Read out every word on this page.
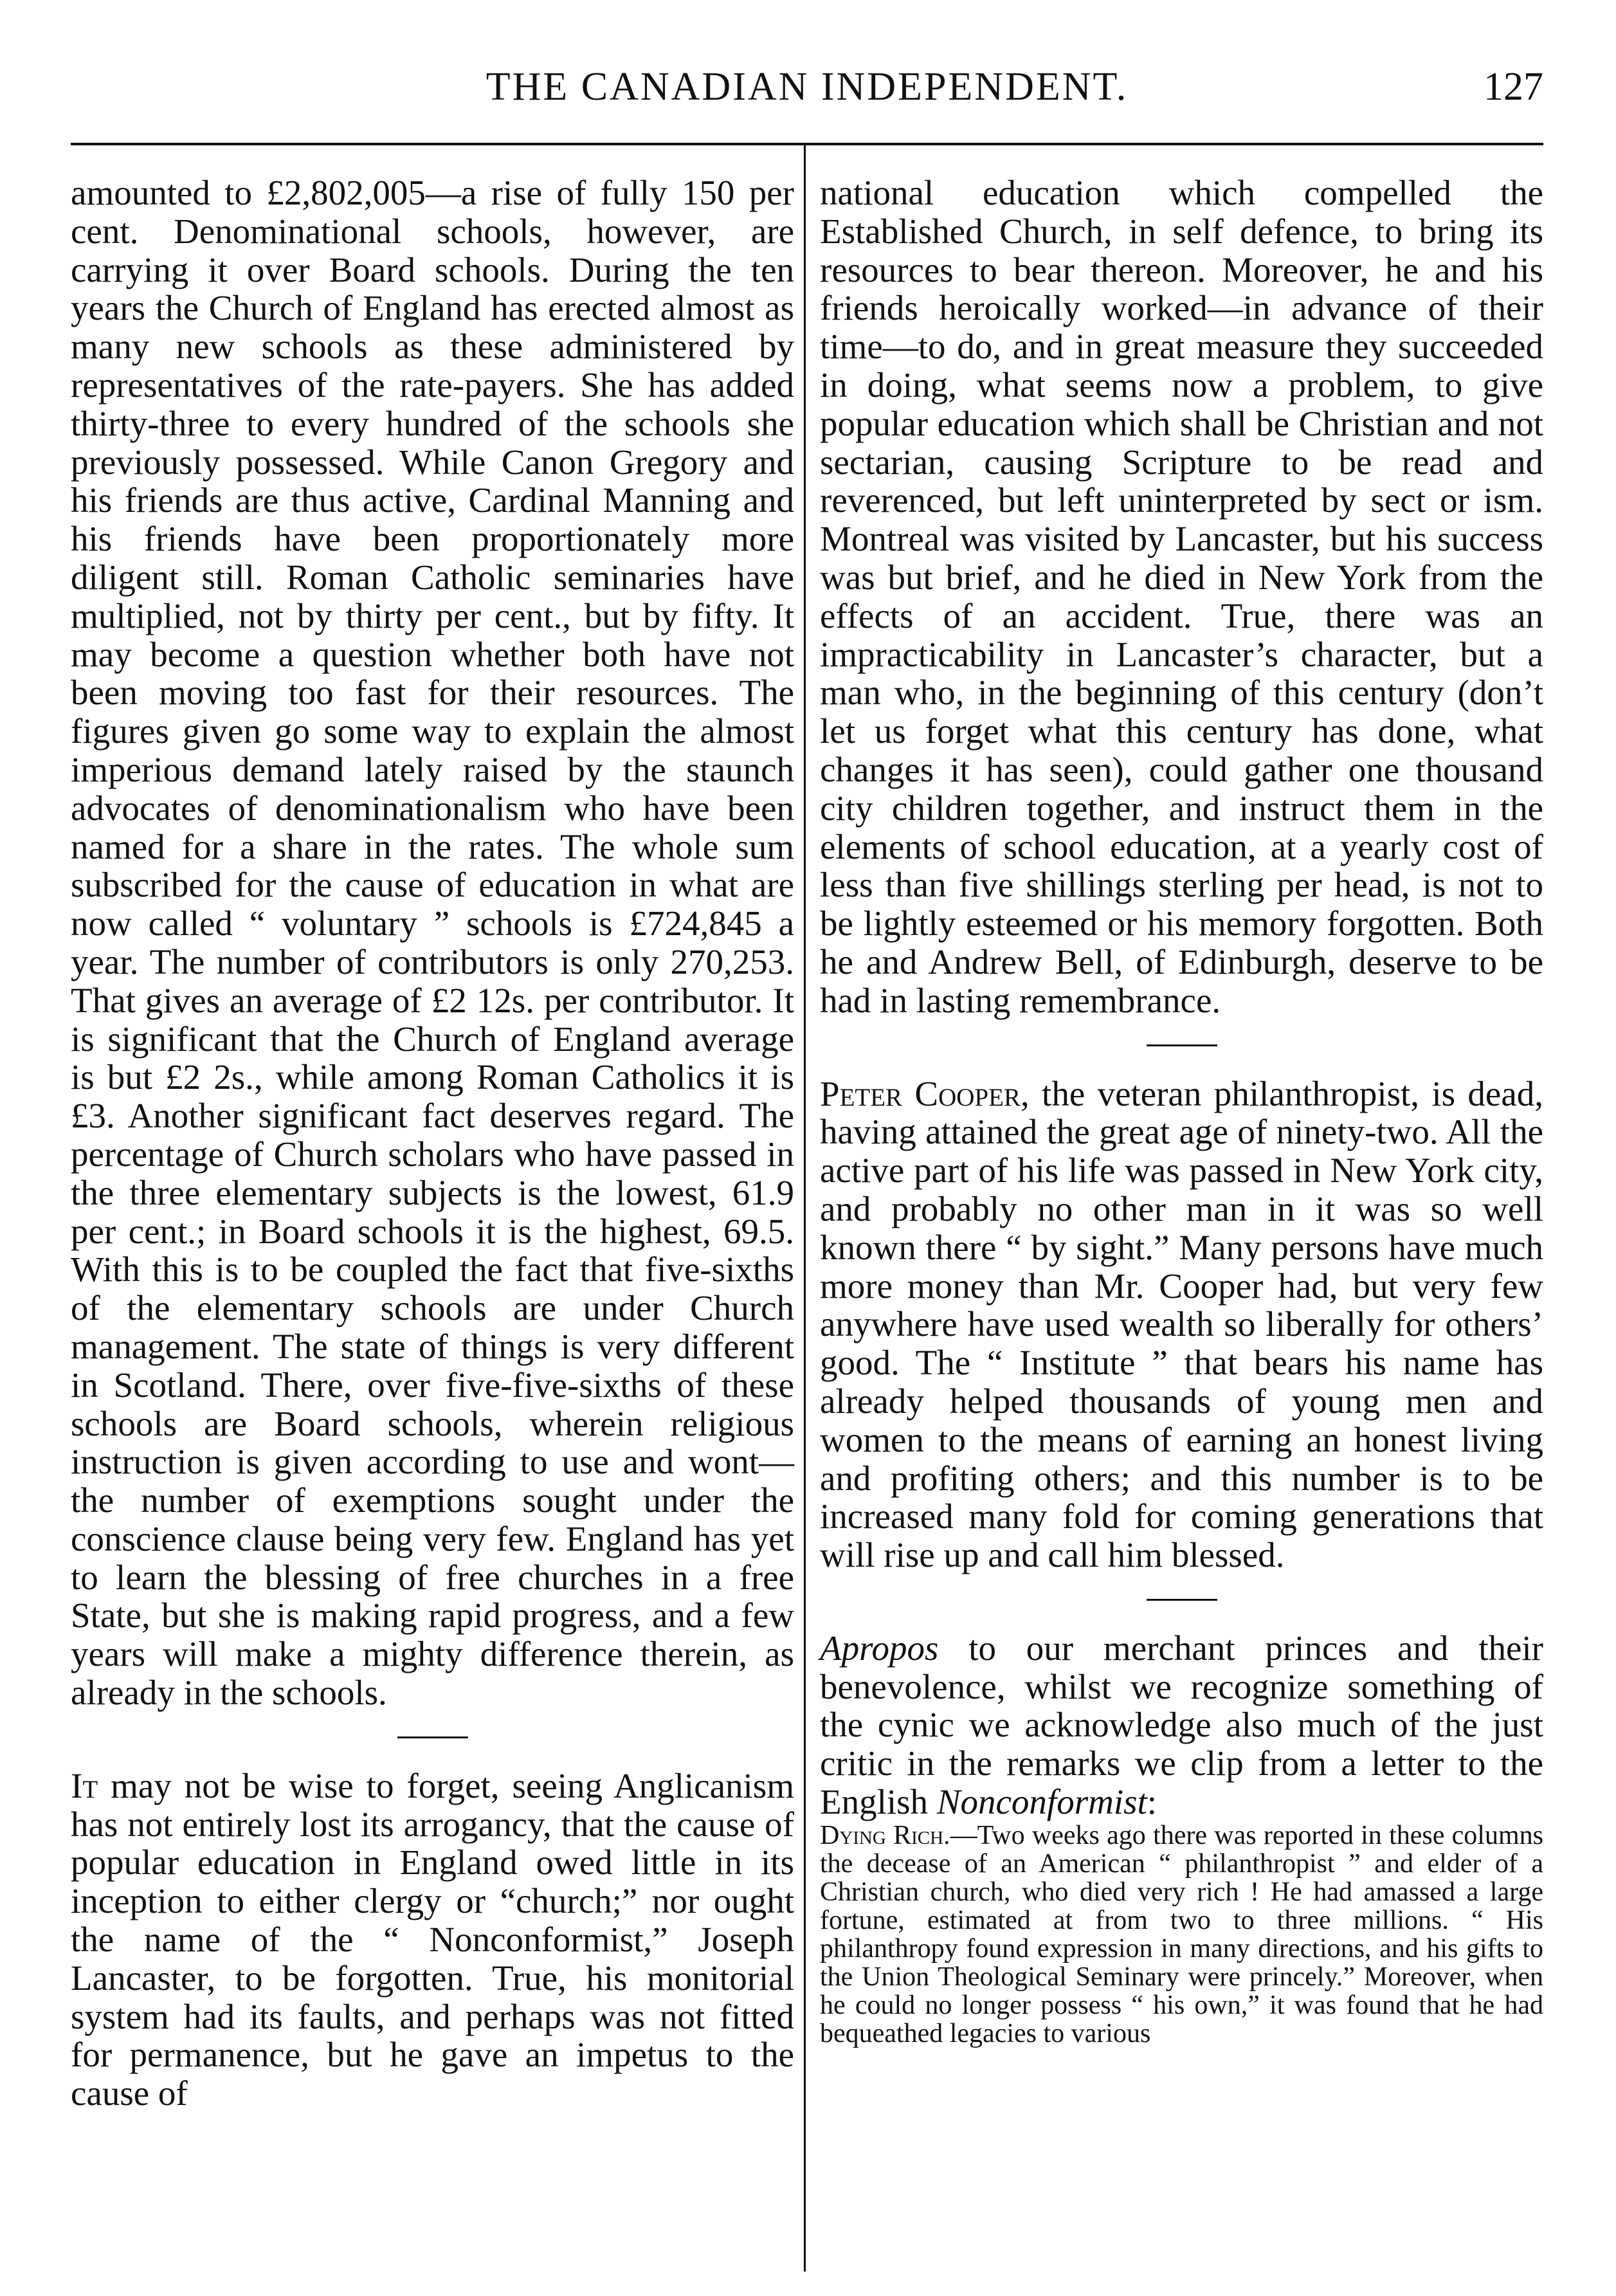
THE CANADIAN INDEPENDENT.	127

amounted to £2,802,005—a rise of fully 150 per cent. Denominational schools, however, are carrying it over Board schools. During the ten years the Church of England has erected almost as many new schools as these administered by representatives of the rate-payers. She has added thirty-three to every hundred of the schools she previously possessed. While Canon Gregory and his friends are thus active, Cardinal Manning and his friends have been proportionately more diligent still. Roman Catholic seminaries have multiplied, not by thirty per cent., but by fifty. It may become a question whether both have not been moving too fast for their resources. The figures given go some way to explain the almost imperious demand lately raised by the staunch advocates of denominationalism who have been named for a share in the rates. The whole sum subscribed for the cause of education in what are now called “ voluntary ” schools is £724,845 a year. The number of contributors is only 270,253. That gives an average of £2 12s. per contributor. It is significant that the Church of England average is but £2 2s., while among Roman Catholics it is £3. Another significant fact deserves regard. The percentage of Church scholars who have passed in the three elementary subjects is the lowest, 61.9 per cent.; in Board schools it is the highest, 69.5. With this is to be coupled the fact that five-sixths of the elementary schools are under Church management. The state of things is very different in Scotland. There, over five-five-sixths of these schools are Board schools, wherein religious instruction is given according to use and wont—the number of exemptions sought under the conscience clause being very few. England has yet to learn the blessing of free churches in a free State, but she is making rapid progress, and a few years will make a mighty difference therein, as already in the schools.

It may not be wise to forget, seeing Anglicanism has not entirely lost its arrogancy, that the cause of popular education in England owed little in its inception to either clergy or “church;” nor ought the name of the “ Nonconformist,” Joseph Lancaster, to be forgotten. True, his monitorial system had its faults, and perhaps was not fitted for permanence, but he gave an impetus to the cause of

national education which compelled the Established Church, in self defence, to bring its resources to bear thereon. Moreover, he and his friends heroically worked—in advance of their time—to do, and in great measure they succeeded in doing, what seems now a problem, to give popular education which shall be Christian and not sectarian, causing Scripture to be read and reverenced, but left uninterpreted by sect or ism. Montreal was visited by Lancaster, but his success was but brief, and he died in New York from the effects of an accident. True, there was an impracticability in Lancaster’s character, but a man who, in the beginning of this century (don’t let us forget what this century has done, what changes it has seen), could gather one thousand city children together, and instruct them in the elements of school education, at a yearly cost of less than five shillings sterling per head, is not to be lightly esteemed or his memory forgotten. Both he and Andrew Bell, of Edinburgh, deserve to be had in lasting remembrance.

Peter Cooper, the veteran philanthropist, is dead, having attained the great age of ninety-two. All the active part of his life was passed in New York city, and probably no other man in it was so well known there “ by sight.” Many persons have much more money than Mr. Cooper had, but very few anywhere have used wealth so liberally for others’ good. The “ Institute ” that bears his name has already helped thousands of young men and women to the means of earning an honest living and profiting others; and this number is to be increased many fold for coming generations that will rise up and call him blessed.

Apropos to our merchant princes and their benevolence, whilst we recognize something of the cynic we acknowledge also much of the just critic in the remarks we clip from a letter to the English Nonconformist:

Dying Rich.—Two weeks ago there was reported in these columns the decease of an American “ philanthropist ” and elder of a Christian church, who died very rich ! He had amassed a large fortune, estimated at from two to three millions. “ His philanthropy found expression in many directions, and his gifts to the Union Theological Seminary were princely.” Moreover, when he could no longer possess “ his own,” it was found that he had bequeathed legacies to various
